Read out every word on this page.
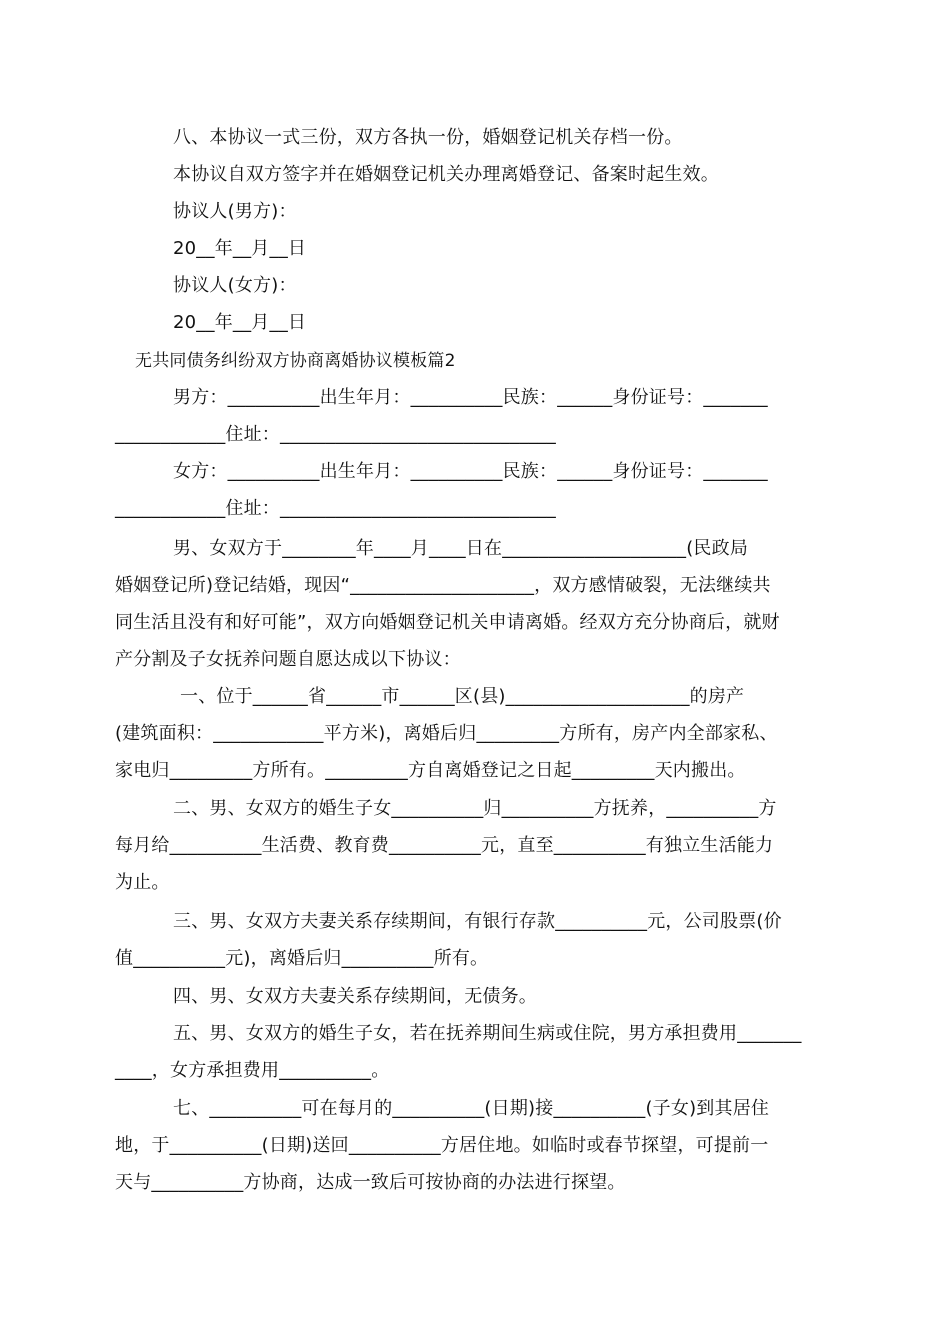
八、本协议一式三份，双方各执一份，婚姻登记机关存档一份。
本协议自双方签字并在婚姻登记机关办理离婚登记、备案时起生效。
协议人(男方)：
20__年__月__日
协议人(女方)：
20__年__月__日
无共同债务纠纷双方协商离婚协议模板篇2
男方：__________出生年月：__________民族：______身份证号：_______
____________住址：______________________________
女方：__________出生年月：__________民族：______身份证号：_______
____________住址：______________________________
男、女双方于________年____月____日在____________________(民政局
婚姻登记所)登记结婚，现因“____________________，双方感情破裂，无法继续共
同生活且没有和好可能”，双方向婚姻登记机关申请离婚。经双方充分协商后，就财
产分割及子女抚养问题自愿达成以下协议：
一、位于______省______市______区(县)____________________的房产
(建筑面积：____________平方米)，离婚后归_________方所有，房产内全部家私、
家电归_________方所有。_________方自离婚登记之日起_________天内搬出。
二、男、女双方的婚生子女__________归__________方抚养，__________方
每月给__________生活费、教育费__________元，直至__________有独立生活能力
为止。
三、男、女双方夫妻关系存续期间，有银行存款__________元，公司股票(价
值__________元)，离婚后归__________所有。
四、男、女双方夫妻关系存续期间，无债务。
五、男、女双方的婚生子女，若在抚养期间生病或住院，男方承担费用_______
____，女方承担费用__________。
七、__________可在每月的__________(日期)接__________(子女)到其居住
地，于__________(日期)送回__________方居住地。如临时或春节探望，可提前一
天与__________方协商，达成一致后可按协商的办法进行探望。
